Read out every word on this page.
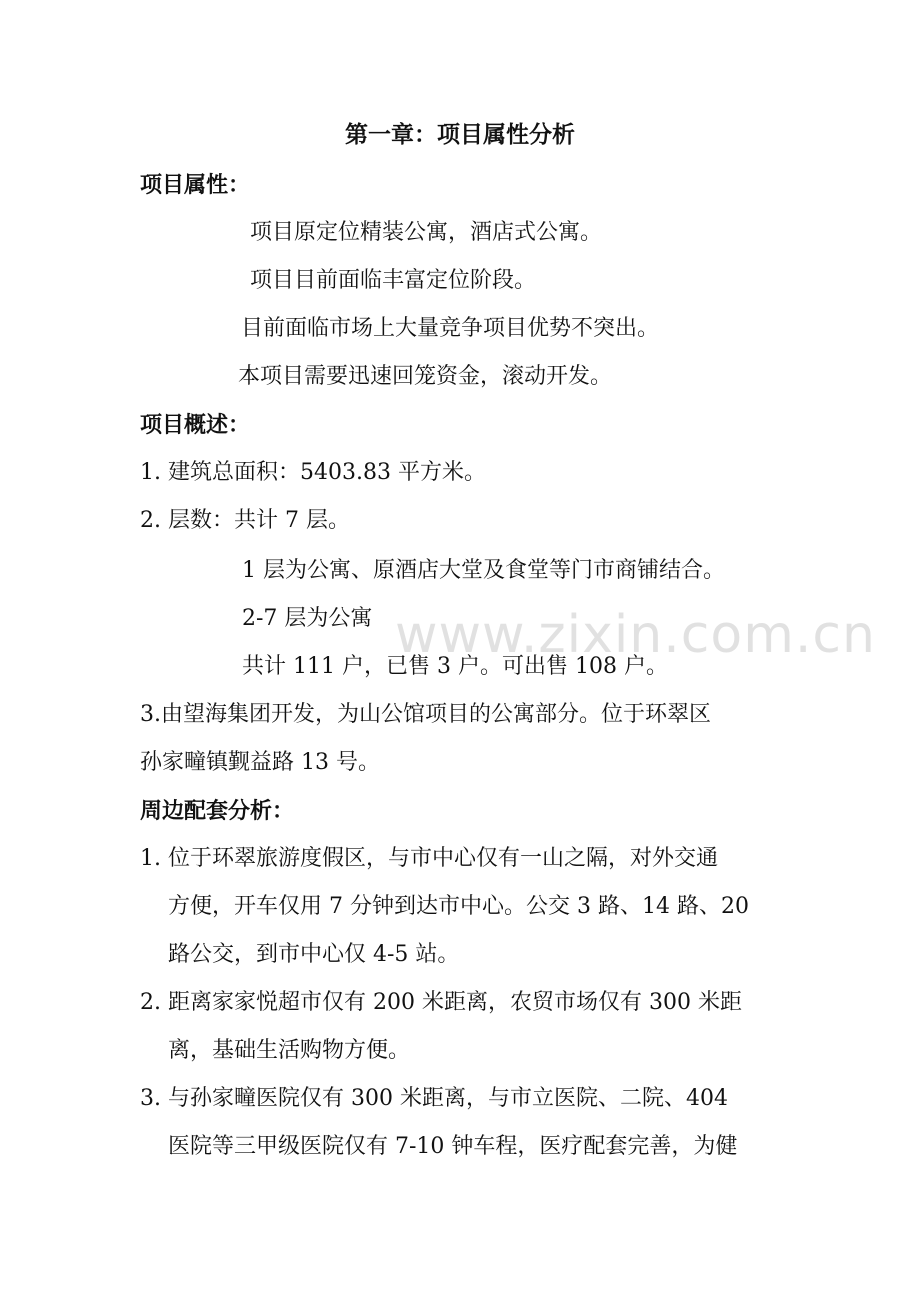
第一章：项目属性分析
项目属性：
项目原定位精装公寓，酒店式公寓。
项目目前面临丰富定位阶段。
目前面临市场上大量竞争项目优势不突出。
本项目需要迅速回笼资金，滚动开发。
项目概述：
1. 建筑总面积：5403.83 平方米。
2. 层数：共计 7 层。
1 层为公寓、原酒店大堂及食堂等门市商铺结合。
2-7 层为公寓
共计 111 户，已售 3 户。可出售 108 户。
3.由望海集团开发，为山公馆项目的公寓部分。位于环翠区
孙家疃镇觐益路 13 号。
周边配套分析：
1. 位于环翠旅游度假区，与市中心仅有一山之隔，对外交通
方便，开车仅用 7 分钟到达市中心。公交 3 路、14 路、20
路公交，到市中心仅 4-5 站。
2. 距离家家悦超市仅有 200 米距离，农贸市场仅有 300 米距
离，基础生活购物方便。
3. 与孙家疃医院仅有 300 米距离，与市立医院、二院、404
医院等三甲级医院仅有 7-10 钟车程，医疗配套完善，为健
www.zixin.com.cn
